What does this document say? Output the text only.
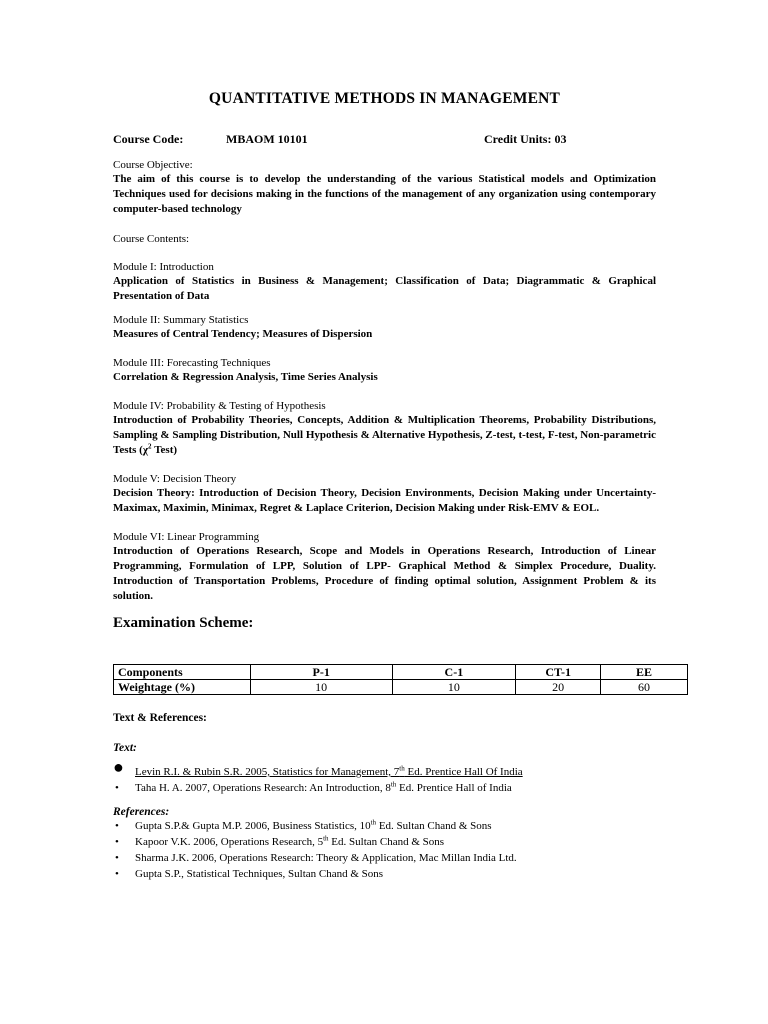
QUANTITATIVE METHODS IN MANAGEMENT
Course Code:	MBAOM 10101	Credit Units: 03
Course Objective:
The aim of this course is to develop the understanding of the various Statistical models and Optimization Techniques used for decisions making in the functions of the management of any organization using contemporary computer-based technology
Course Contents:
Module I: Introduction
Application of Statistics in Business & Management; Classification of Data; Diagrammatic & Graphical Presentation of Data
Module II: Summary Statistics
Measures of Central Tendency; Measures of Dispersion
Module III: Forecasting Techniques
Correlation & Regression Analysis, Time Series Analysis
Module IV: Probability & Testing of Hypothesis
Introduction of Probability Theories, Concepts, Addition & Multiplication Theorems, Probability Distributions, Sampling & Sampling Distribution, Null Hypothesis & Alternative Hypothesis, Z-test, t-test, F-test, Non-parametric Tests ($\chi^2$ Test)
Module V: Decision Theory
Decision Theory: Introduction of Decision Theory, Decision Environments, Decision Making under Uncertainty- Maximax, Maximin, Minimax, Regret & Laplace Criterion, Decision Making under Risk-EMV & EOL.
Module VI: Linear Programming
Introduction of Operations Research, Scope and Models in Operations Research, Introduction of Linear Programming, Formulation of LPP, Solution of LPP- Graphical Method & Simplex Procedure, Duality. Introduction of Transportation Problems, Procedure of finding optimal solution, Assignment Problem & its solution.
Examination Scheme:
Components	P-1	C-1	CT-1	EE
Weightage (%)	10	10	20	60
Text & References:
Text:
● Levin R.I. & Rubin S.R. 2005, Statistics for Management, 7th Ed. Prentice Hall Of India
• Taha H. A. 2007, Operations Research: An Introduction, 8th Ed. Prentice Hall of India
References:
• Gupta S.P.& Gupta M.P. 2006, Business Statistics, 10th Ed. Sultan Chand & Sons
• Kapoor V.K. 2006, Operations Research, 5th Ed. Sultan Chand & Sons
• Sharma J.K. 2006, Operations Research: Theory & Application, Mac Millan India Ltd.
• Gupta S.P., Statistical Techniques, Sultan Chand & Sons
